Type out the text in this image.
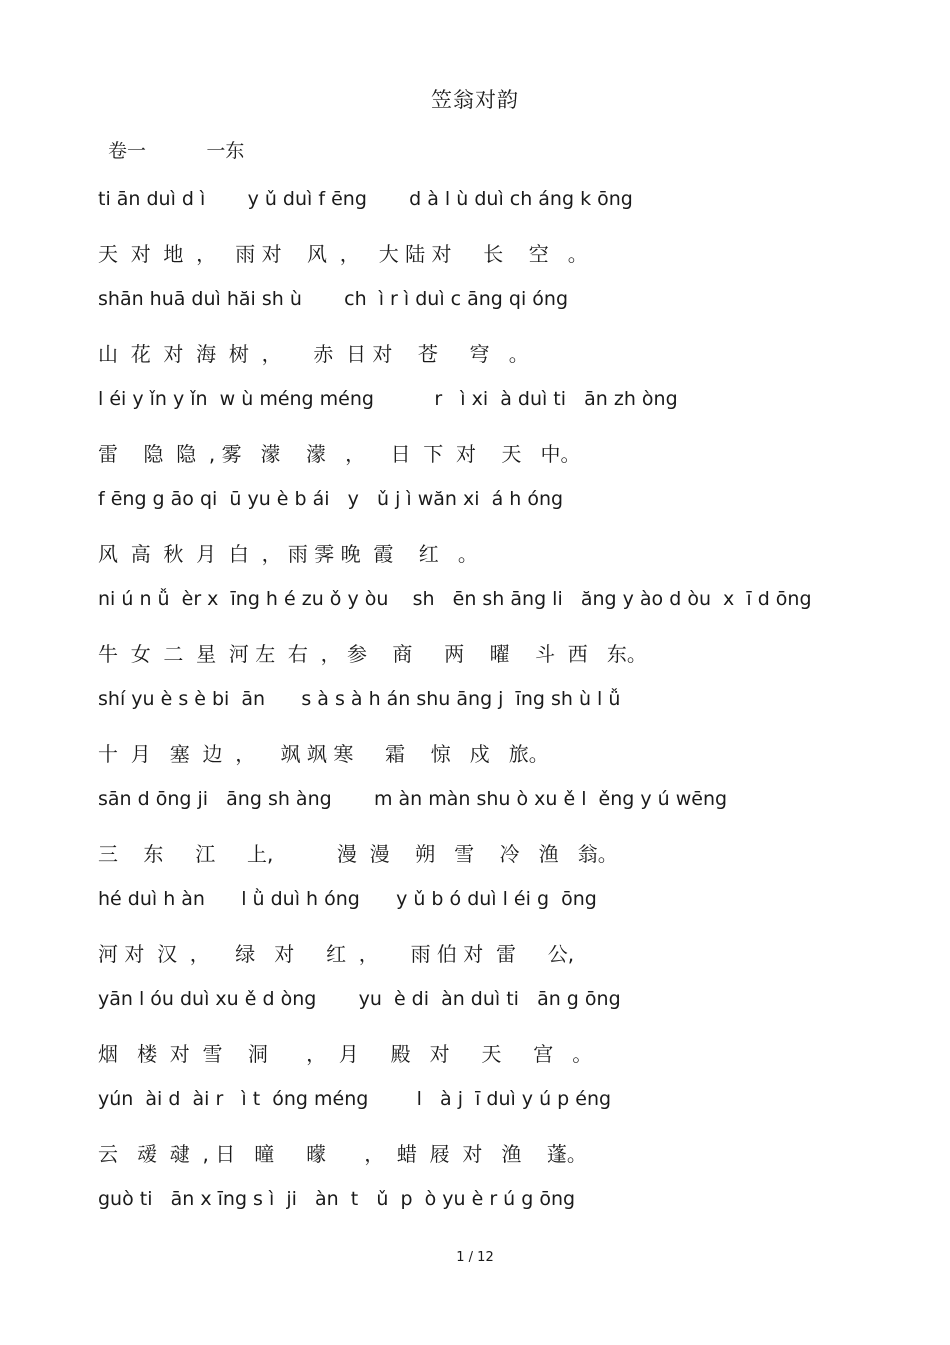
笠翁对韵
卷一          一东
ti ān duì d ì       y ǔ duì f ēng       d à l ù duì ch áng k ōng
天  对  地  ，   雨 对    风  ，   大 陆 对     长    空   。
shān huā duì hăi sh ù       ch  ì r ì duì c āng qi óng
山  花  对  海  树  ，     赤  日 对    苍     穹   。
l éi y ǐn y ǐn  w ù méng méng          r   ì xi  à duì ti   ān zh òng
雷    隐  隐  , 雾   濛    濛   ，    日  下  对    天   中。
f ēng g āo qi  ū yu è b ái   y   ǔ j ì wăn xi  á h óng
风  高  秋  月  白  ， 雨 霁 晚  霞    红   。
ni ú n ǚ  èr x  īng h é zu ǒ y òu    sh   ēn sh āng li   ăng y ào d òu  x  ī d ōng
牛  女  二  星  河 左  右  ， 参    商     两    曜    斗  西   东。
shí yu è s è bi  ān      s à s à h án shu āng j  īng sh ù l ǚ
十  月   塞  边  ，    飒 飒 寒     霜    惊   戍   旅。
sān d ōng ji   āng sh àng       m àn màn shu ò xu ě l  ěng y ú wēng
三    东     江     上,          漫  漫    朔   雪    冷   渔   翁。
hé duì h àn      l ǜ duì h óng      y ǔ b ó duì l éi g  ōng
河 对  汉  ，    绿   对     红  ，     雨 伯 对  雷     公,
yān l óu duì xu ě d òng       yu  è di  àn duì ti   ān g ōng
烟   楼  对  雪    洞      ，  月     殿   对     天     宫   。
yún  ài d  ài r   ì t  óng méng        l   à j  ī duì y ú p éng
云   叆  叇  , 日   曈     曚      ，  蜡  屐  对   渔    蓬。
guò ti   ān x īng s ì  ji   àn  t   ǔ  p  ò yu è r ú g ōng
1 / 12
